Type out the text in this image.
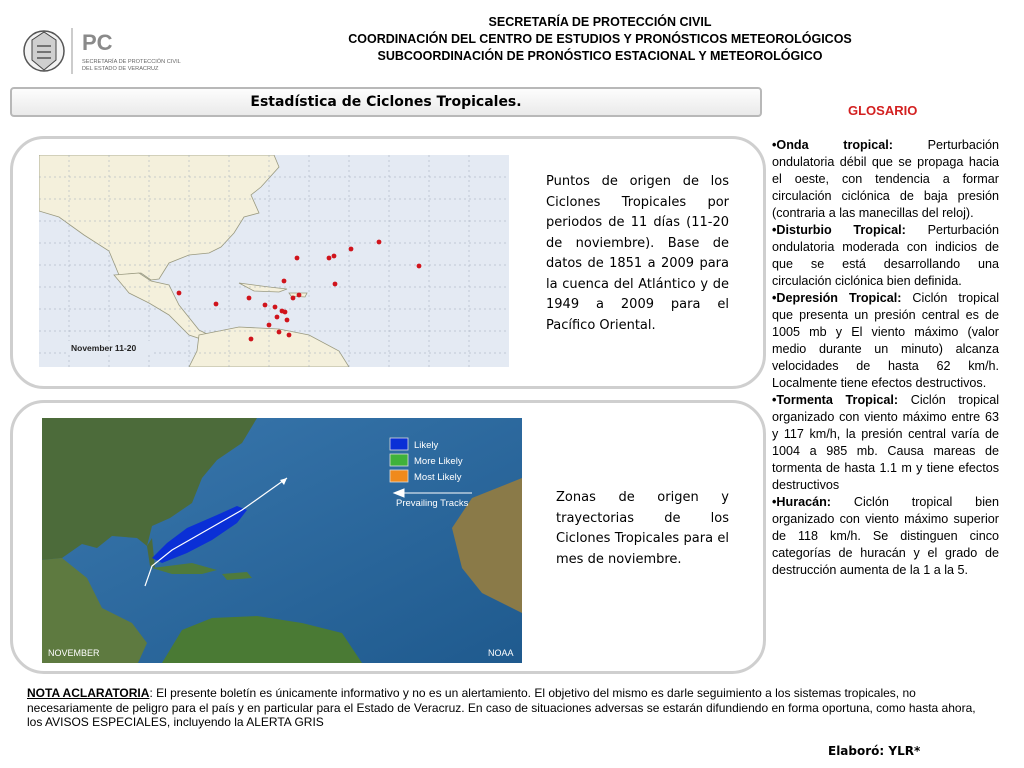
PC
SECRETARÍA DE PROTECCIÓN CIVIL
DEL ESTADO DE VERACRUZ
SECRETARÍA DE PROTECCIÓN CIVIL
COORDINACIÓN DEL CENTRO DE ESTUDIOS Y PRONÓSTICOS METEOROLÓGICOS
SUBCOORDINACIÓN DE PRONÓSTICO ESTACIONAL Y METEOROLÓGICO
Estadística de Ciclones Tropicales.
November 11-20
Puntos de origen de los Ciclones Tropicales por periodos de 11 días (11-20 de noviembre). Base de datos de 1851 a 2009 para la cuenca del Atlántico y de 1949 a 2009 para el Pacífico Oriental.
Likely
More Likely
Most Likely
Prevailing Tracks
NOVEMBER	NOAA
Zonas de origen y trayectorias de los Ciclones Tropicales para el mes de noviembre.
GLOSARIO

•Onda tropical: Perturbación ondulatoria débil que se propaga hacia el oeste, con tendencia a formar circulación ciclónica de baja presión (contraria a las manecillas del reloj).

•Disturbio Tropical: Perturbación ondulatoria moderada con indicios de que se está desarrollando una circulación ciclónica bien definida.

•Depresión Tropical: Ciclón tropical que presenta un presión central es de 1005 mb y El viento máximo (valor medio durante un minuto) alcanza velocidades de hasta 62 km/h. Localmente tiene efectos destructivos.

•Tormenta Tropical: Ciclón tropical organizado con viento máximo entre 63 y 117 km/h, la presión central varía de 1004 a 985 mb. Causa mareas de tormenta de hasta 1.1 m y tiene efectos destructivos

•Huracán: Ciclón tropical bien organizado con viento máximo superior de 118 km/h. Se distinguen cinco categorías de huracán y el grado de destrucción aumenta de la 1 a la 5.

NOTA ACLARATORIA: El presente boletín es únicamente informativo y no es un alertamiento. El objetivo del mismo es darle seguimiento a los sistemas tropicales, no necesariamente de peligro para el país y en particular para el Estado de Veracruz. En caso de situaciones adversas se estarán difundiendo en forma oportuna, como hasta ahora, los AVISOS ESPECIALES, incluyendo la ALERTA GRIS
Elaboró: YLR*
